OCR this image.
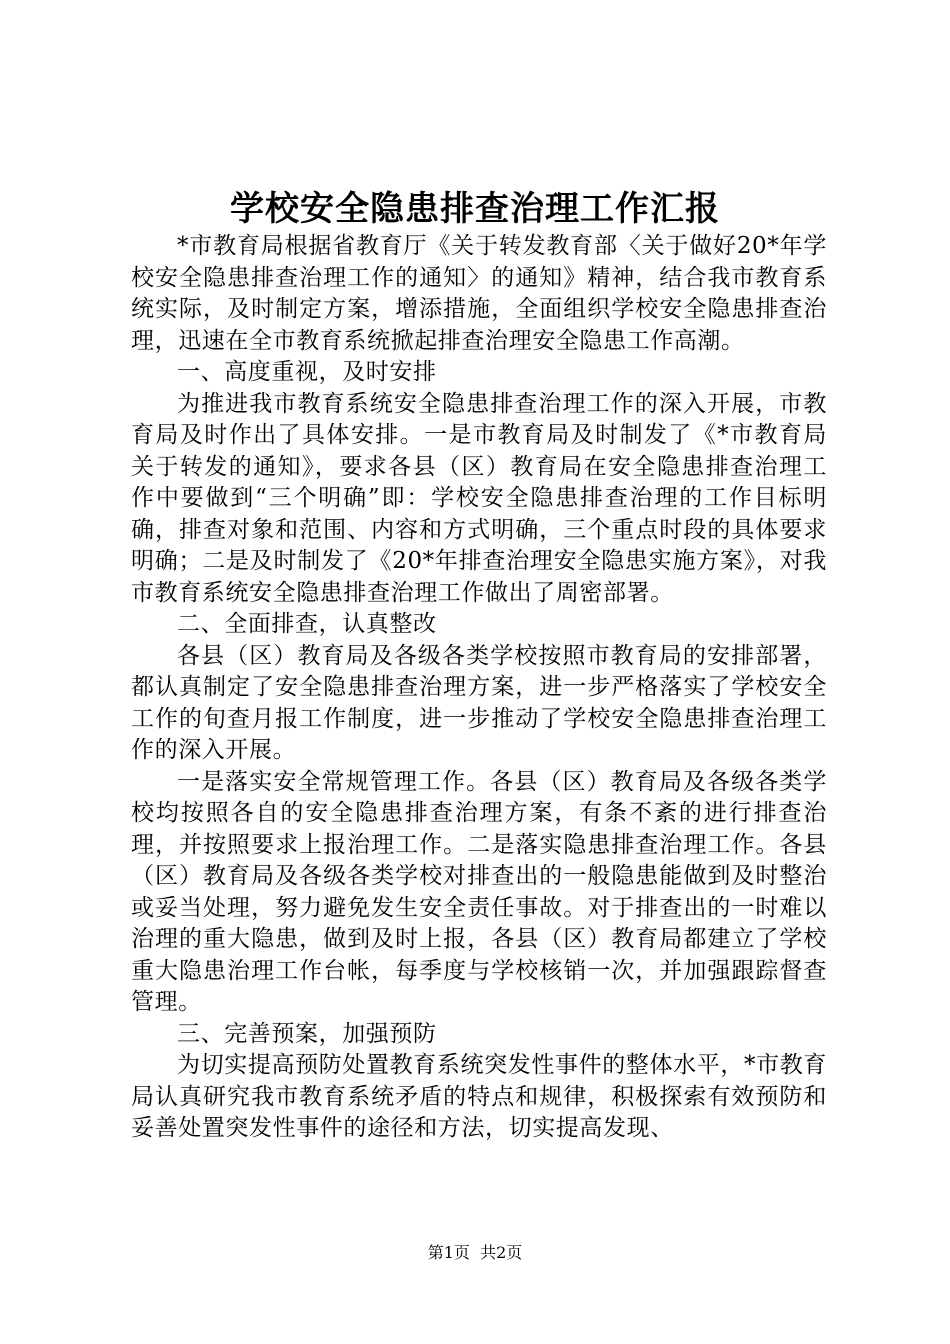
学校安全隐患排查治理工作汇报

*市教育局根据省教育厅《关于转发教育部〈关于做好20*年学校安全隐患排查治理工作的通知〉的通知》精神，结合我市教育系统实际，及时制定方案，增添措施，全面组织学校安全隐患排查治理，迅速在全市教育系统掀起排查治理安全隐患工作高潮。

一、高度重视，及时安排

为推进我市教育系统安全隐患排查治理工作的深入开展，市教育局及时作出了具体安排。一是市教育局及时制发了《*市教育局关于转发的通知》，要求各县（区）教育局在安全隐患排查治理工作中要做到“三个明确”即：学校安全隐患排查治理的工作目标明确，排查对象和范围、内容和方式明确，三个重点时段的具体要求明确；二是及时制发了《20*年排查治理安全隐患实施方案》，对我市教育系统安全隐患排查治理工作做出了周密部署。

二、全面排查，认真整改

各县（区）教育局及各级各类学校按照市教育局的安排部署，都认真制定了安全隐患排查治理方案，进一步严格落实了学校安全工作的旬查月报工作制度，进一步推动了学校安全隐患排查治理工作的深入开展。

一是落实安全常规管理工作。各县（区）教育局及各级各类学校均按照各自的安全隐患排查治理方案，有条不紊的进行排查治理，并按照要求上报治理工作。二是落实隐患排查治理工作。各县（区）教育局及各级各类学校对排查出的一般隐患能做到及时整治或妥当处理，努力避免发生安全责任事故。对于排查出的一时难以治理的重大隐患，做到及时上报，各县（区）教育局都建立了学校重大隐患治理工作台帐，每季度与学校核销一次，并加强跟踪督查管理。

三、完善预案，加强预防

为切实提高预防处置教育系统突发性事件的整体水平，*市教育局认真研究我市教育系统矛盾的特点和规律，积极探索有效预防和妥善处置突发性事件的途径和方法，切实提高发现、

第1页 共2页
